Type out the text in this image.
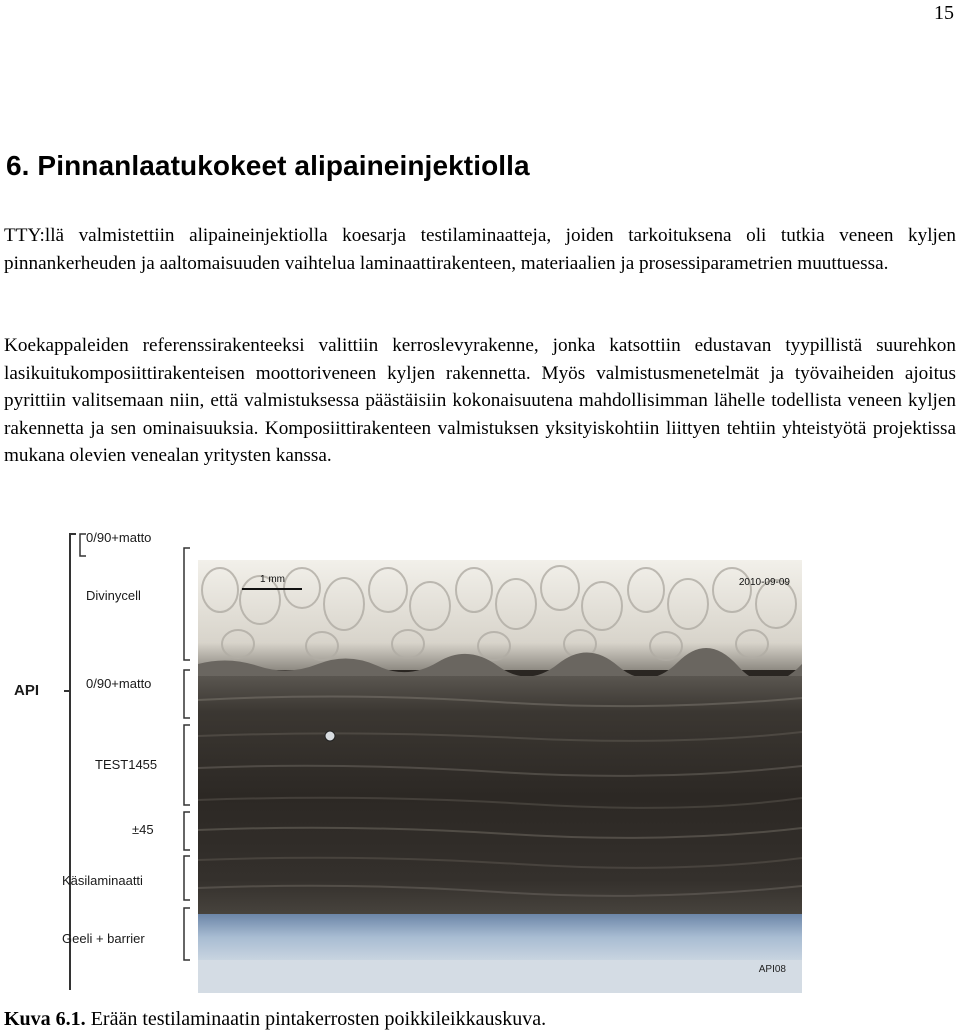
15
6. Pinnanlaatukokeet alipaineinjektiolla

TTY:llä valmistettiin alipaineinjektiolla koesarja testilaminaatteja, joiden tarkoituksena oli tutkia veneen kyljen pinnankerheuden ja aaltomaisuuden vaihtelua laminaattirakenteen, materiaalien ja prosessiparametrien muuttuessa.

Koekappaleiden referenssirakenteeksi valittiin kerroslevyrakenne, jonka katsottiin edustavan tyypillistä suurehkon lasikuitukomposiittirakenteisen moottoriveneen kyljen rakennetta. Myös valmistusmenetelmät ja työvaiheiden ajoitus pyrittiin valitsemaan niin, että valmistuksessa päästäisiin kokonaisuutena mahdollisimman lähelle todellista veneen kyljen rakennetta ja sen ominaisuuksia. Komposiittirakenteen valmistuksen yksityiskohtiin liittyen tehtiin yhteistyötä projektissa mukana olevien venealan yritysten kanssa.

API
0/90+matto
Divinycell
0/90+matto
TEST1455
±45
Käsilaminaatti
Geeli + barrier
1 mm	2010-09-09
API08

Kuva 6.1. Erään testilaminaatin pintakerrosten poikkileikkauskuva.
